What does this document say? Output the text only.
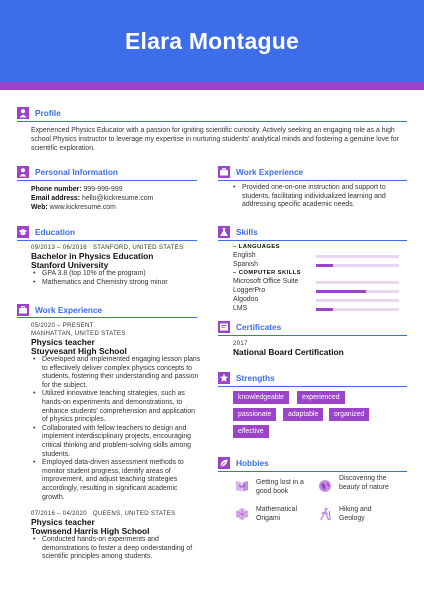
Elara Montague
Profile
Experienced Physics Educator with a passion for igniting scientific curiosity. Actively seeking an engaging role as a high school Physics instructor to leverage my expertise in nurturing students' analytical minds and fostering a genuine love for scientific exploration.
Personal Information
Phone number: 999-999-999
Email address: hello@kickresume.com
Web: www.kickresume.com
Education
09/2013 – 06/2016 STANFORD, UNITED STATES
Bachelor in Physics Education
Stanford University
• GPA 3.8 (top 10% of the program)
• Mathematics and Chemistry strong minor
Work Experience
05/2020 – PRESENT
MANHATTAN, UNITED STATES
Physics teacher
Stuyvesant High School
• Developed and implemented engaging lesson plans to effectively deliver complex physics concepts to students, fostering their understanding and passion for the subject.
• Utilized innovative teaching strategies, such as hands-on experiments and demonstrations, to enhance students' comprehension and application of physics principles.
• Collaborated with fellow teachers to design and implement interdisciplinary projects, encouraging critical thinking and problem-solving skills among students.
• Employed data-driven assessment methods to monitor student progress, identify areas of improvement, and adjust teaching strategies accordingly, resulting in significant academic growth.
07/2016 – 04/2020 QUEENS, UNITED STATES
Physics teacher
Townsend Harris High School
• Conducted hands-on experiments and demonstrations to foster a deep understanding of scientific principles among students.
Work Experience
• Provided one-on-one instruction and support to students, facilitating individualized learning and addressing specific academic needs.
Skills
– LANGUAGES
English
Spanish
– COMPUTER SKILLS
Microsoft Office Suite
LoggerPro
Algodoo
LMS
Certificates
2017
National Board Certification
Strengths
knowledgeable	experienced
passionate	adaptable	organized
effective
Hobbies
Getting lost in a good book
Discovering the beauty of nature
Mathematical Origami
Hiking and Geology
